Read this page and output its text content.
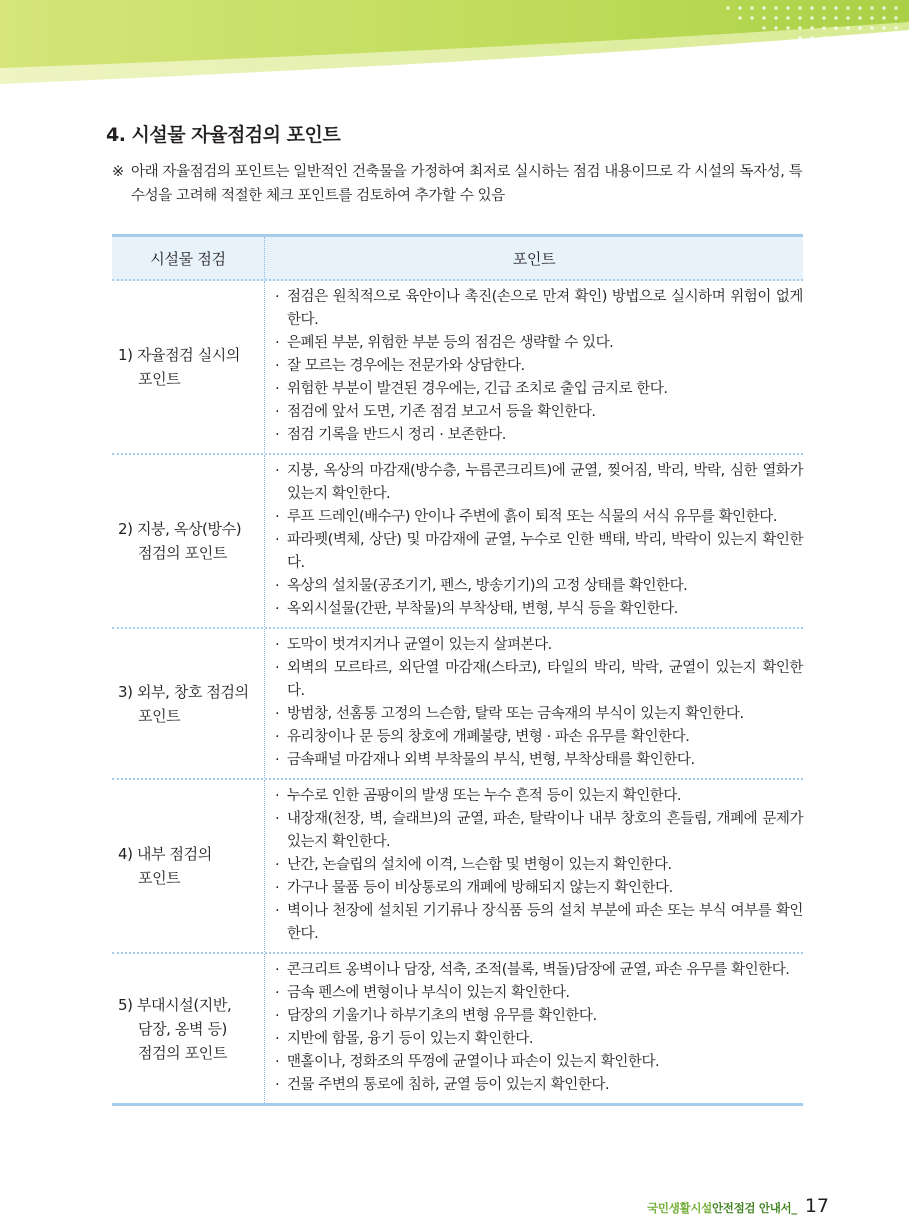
4. 시설물 자율점검의 포인트
※ 아래 자율점검의 포인트는 일반적인 건축물을 가정하여 최저로 실시하는 점검 내용이므로 각 시설의 독자성, 특수성을 고려해 적절한 체크 포인트를 검토하여 추가할 수 있음
시설물 점검	포인트
1) 자율점검 실시의
포인트
· 점검은 원칙적으로 육안이나 촉진(손으로 만져 확인) 방법으로 실시하며 위험이 없게 한다.
· 은폐된 부분, 위험한 부분 등의 점검은 생략할 수 있다.
· 잘 모르는 경우에는 전문가와 상담한다.
· 위험한 부분이 발견된 경우에는, 긴급 조치로 출입 금지로 한다.
· 점검에 앞서 도면, 기존 점검 보고서 등을 확인한다.
· 점검 기록을 반드시 정리 · 보존한다.
2) 지붕, 옥상(방수)
점검의 포인트
· 지붕, 옥상의 마감재(방수층, 누름콘크리트)에 균열, 찢어짐, 박리, 박락, 심한 열화가 있는지 확인한다.
· 루프 드레인(배수구) 안이나 주변에 흙이 퇴적 또는 식물의 서식 유무를 확인한다.
· 파라펫(벽체, 상단) 및 마감재에 균열, 누수로 인한 백태, 박리, 박락이 있는지 확인한다.
· 옥상의 설치물(공조기기, 펜스, 방송기기)의 고정 상태를 확인한다.
· 옥외시설물(간판, 부착물)의 부착상태, 변형, 부식 등을 확인한다.
3) 외부, 창호 점검의
포인트
· 도막이 벗겨지거나 균열이 있는지 살펴본다.
· 외벽의 모르타르, 외단열 마감재(스타코), 타일의 박리, 박락, 균열이 있는지 확인한다.
· 방범창, 선홈통 고정의 느슨함, 탈락 또는 금속재의 부식이 있는지 확인한다.
· 유리창이나 문 등의 창호에 개폐불량, 변형 · 파손 유무를 확인한다.
· 금속패널 마감재나 외벽 부착물의 부식, 변형, 부착상태를 확인한다.
4) 내부 점검의
포인트
· 누수로 인한 곰팡이의 발생 또는 누수 흔적 등이 있는지 확인한다.
· 내장재(천장, 벽, 슬래브)의 균열, 파손, 탈락이나 내부 창호의 흔들림, 개폐에 문제가 있는지 확인한다.
· 난간, 논슬립의 설치에 이격, 느슨함 및 변형이 있는지 확인한다.
· 가구나 물품 등이 비상통로의 개폐에 방해되지 않는지 확인한다.
· 벽이나 천장에 설치된 기기류나 장식품 등의 설치 부분에 파손 또는 부식 여부를 확인한다.
5) 부대시설(지반,
담장, 옹벽 등)
점검의 포인트
· 콘크리트 옹벽이나 담장, 석축, 조적(블록, 벽돌)담장에 균열, 파손 유무를 확인한다.
· 금속 펜스에 변형이나 부식이 있는지 확인한다.
· 담장의 기울기나 하부기초의 변형 유무를 확인한다.
· 지반에 함몰, 융기 등이 있는지 확인한다.
· 맨홀이나, 정화조의 뚜껑에 균열이나 파손이 있는지 확인한다.
· 건물 주변의 통로에 침하, 균열 등이 있는지 확인한다.
국민생활시설 안전점검 안내서_ 17
